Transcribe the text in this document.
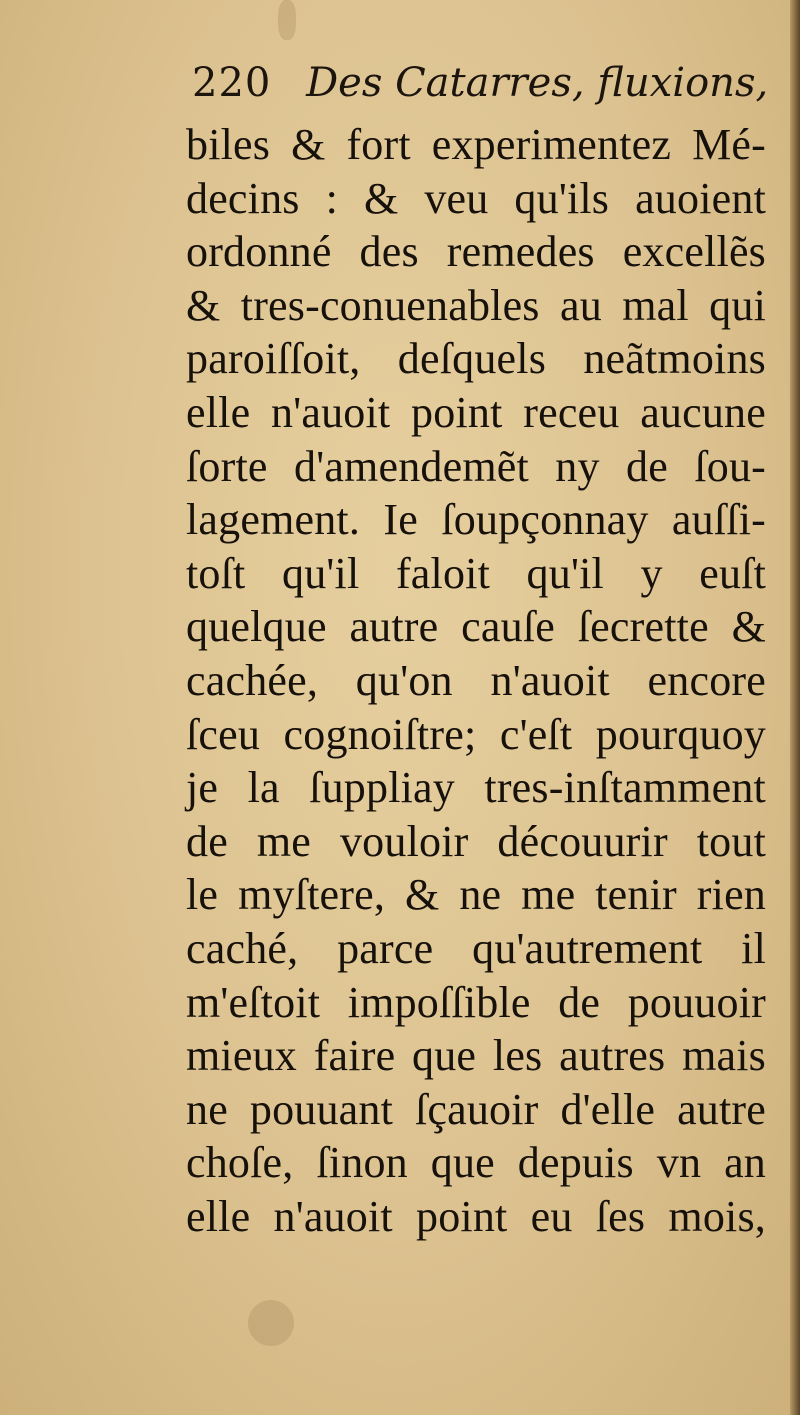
220 Des Catarres, fluxions,
biles & fort experimentez Mé-
decins : & veu qu'ils auoient
ordonné des remedes excellẽs
& tres-conuenables au mal qui
paroiſſoit, deſquels neãtmoins
elle n'auoit point receu aucune
ſorte d'amendemẽt ny de ſou-
lagement. Ie ſoupçonnay auſſi-
toſt qu'il faloit qu'il y euſt
quelque autre cauſe ſecrette &
cachée, qu'on n'auoit encore
ſceu cognoiſtre; c'eſt pourquoy
je la ſuppliay tres-inſtamment
de me vouloir découurir tout
le myſtere, & ne me tenir rien
caché, parce qu'autrement il
m'eſtoit impoſſible de pouuoir
mieux faire que les autres mais
ne pouuant ſçauoir d'elle autre
choſe, ſinon que depuis vn an
elle n'auoit point eu ſes mois,
